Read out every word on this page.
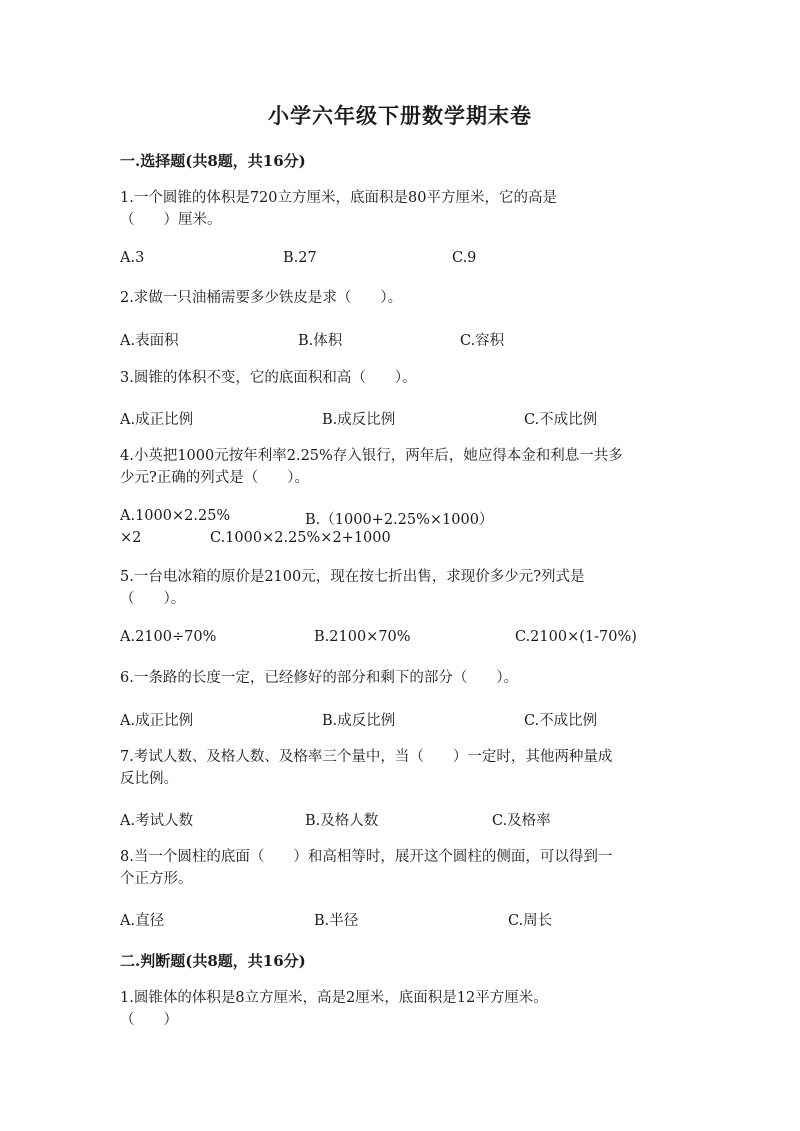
小学六年级下册数学期末卷
一.选择题(共8题，共16分)
1.一个圆锥的体积是720立方厘米，底面积是80平方厘米，它的高是
（　　）厘米。
A.3	B.27	C.9
2.求做一只油桶需要多少铁皮是求（　　）。
A.表面积	B.体积	C.容积
3.圆锥的体积不变，它的底面积和高（　　）。
A.成正比例	B.成反比例	C.不成比例
4.小英把1000元按年利率2.25%存入银行，两年后，她应得本金和利息一共多
少元?正确的列式是（　　）。
A.1000×2.25%	B.（1000+2.25%×1000）
×2	C.1000×2.25%×2+1000
5.一台电冰箱的原价是2100元，现在按七折出售，求现价多少元?列式是
（　　）。
A.2100÷70%	B.2100×70%	C.2100×(1-70%)
6.一条路的长度一定，已经修好的部分和剩下的部分（　　）。
A.成正比例	B.成反比例	C.不成比例
7.考试人数、及格人数、及格率三个量中，当（　　）一定时，其他两种量成
反比例。
A.考试人数	B.及格人数	C.及格率
8.当一个圆柱的底面（　　）和高相等时，展开这个圆柱的侧面，可以得到一
个正方形。
A.直径	B.半径	C.周长
二.判断题(共8题，共16分)
1.圆锥体的体积是8立方厘米，高是2厘米，底面积是12平方厘米。
（　　）
